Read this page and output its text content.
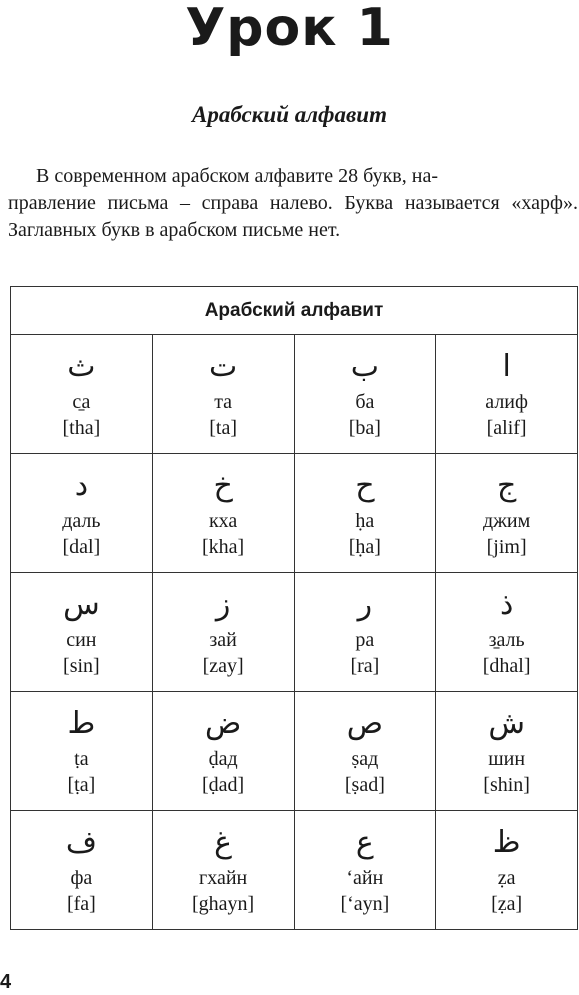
Урок 1
Арабский алфавит

В современном арабском алфавите 28 букв, на-
правление письма – справа налево. Буква называется «харф». Заглавных букв в арабском письме нет.

Арабский алфавит			

ث
с̱а
[tha]	ت
та
[ta]	ب
ба
[ba]	ا
алиф
[alif]

د
даль
[dal]	خ
кха
[kha]	ح
ḥа
[ḥa]	ج
джим
[jim]

س
син
[sin]	ز
зай
[zay]	ر
ра
[ra]	ذ
з̱аль
[dhal]

ط
ṭа
[ṭa]	ض
ḍад
[ḍad]	ص
ṣад
[ṣad]	ش
шин
[shin]

ف
фа
[fa]	غ
гхайн
[ghayn]	ع
‘айн
[‘ayn]	ظ
ẓа
[ẓa]
4
